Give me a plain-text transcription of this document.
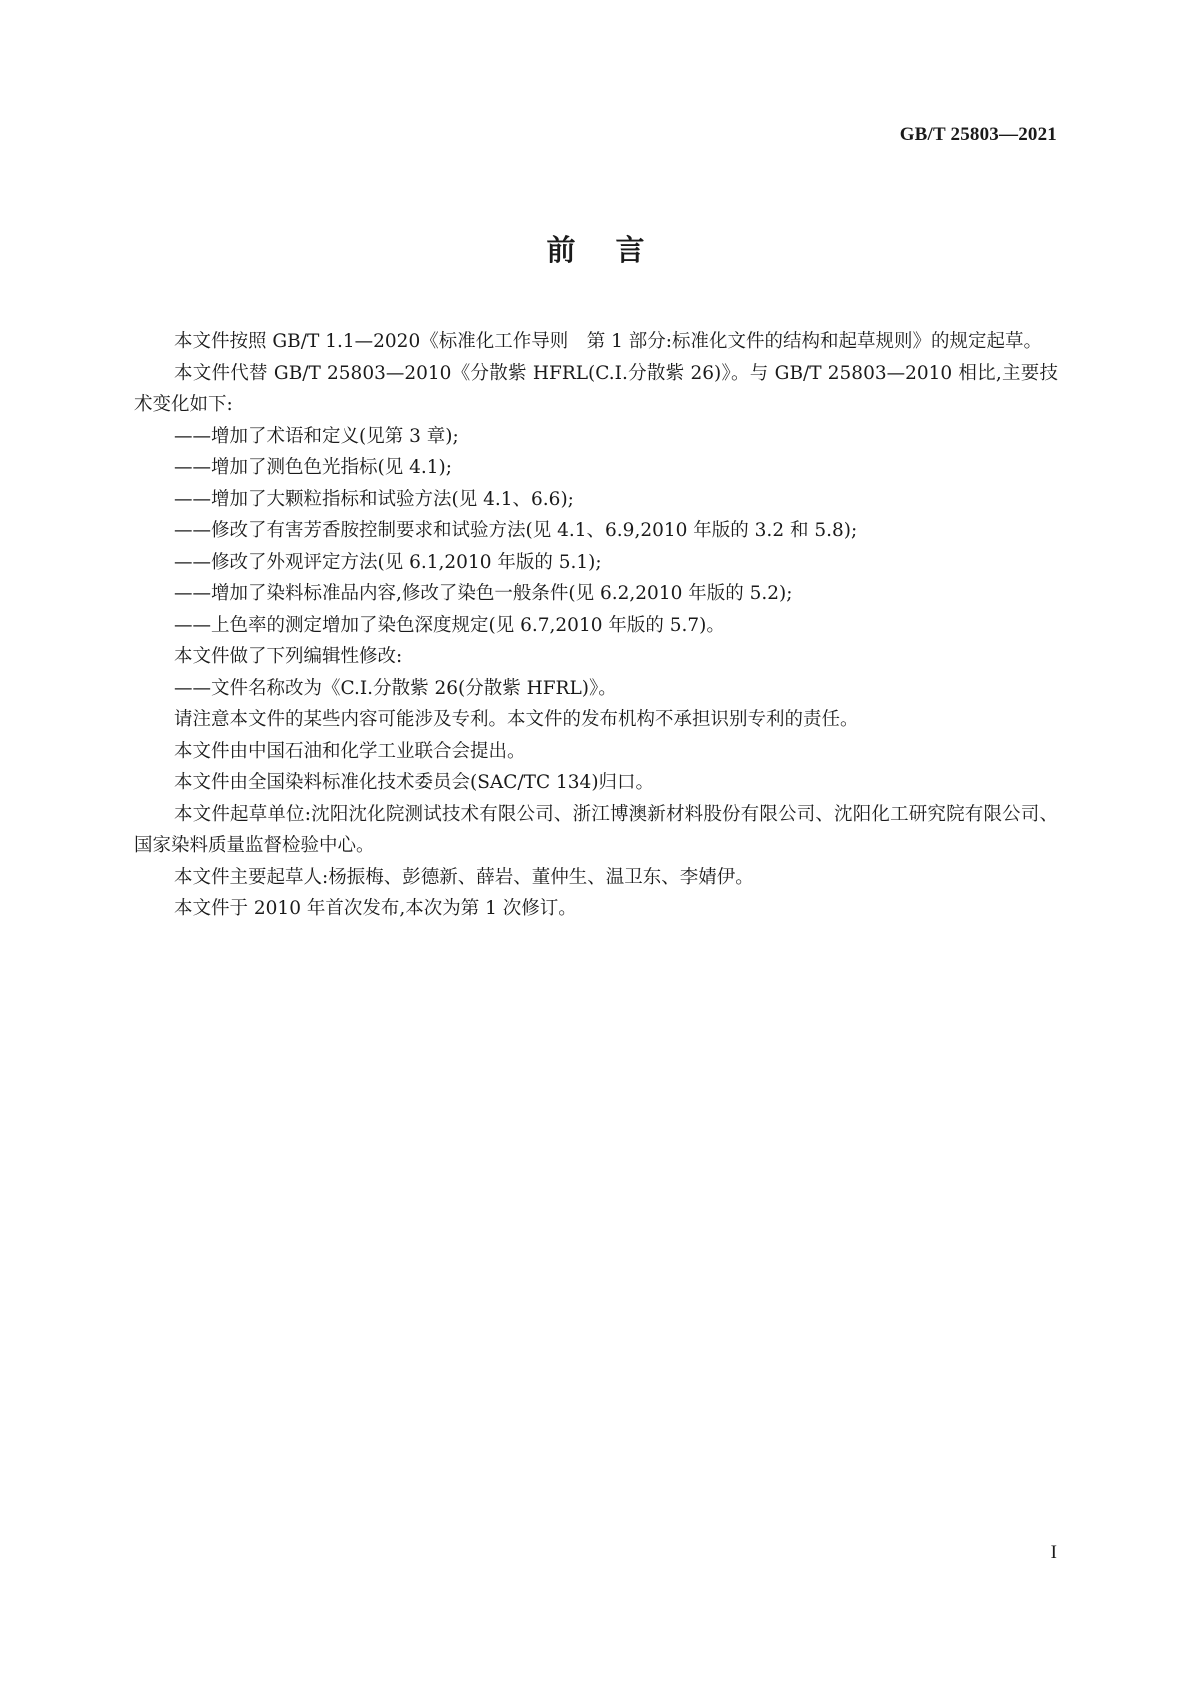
GB/T 25803—2021
前言

本文件按照 GB/T 1.1—2020《标准化工作导则　第 1 部分:标准化文件的结构和起草规则》的规定起草。

本文件代替 GB/T 25803—2010《分散紫 HFRL(C.I.分散紫 26)》。与 GB/T 25803—2010 相比,主要技术变化如下:

——增加了术语和定义(见第 3 章);

——增加了测色色光指标(见 4.1);

——增加了大颗粒指标和试验方法(见 4.1、6.6);

——修改了有害芳香胺控制要求和试验方法(见 4.1、6.9,2010 年版的 3.2 和 5.8);

——修改了外观评定方法(见 6.1,2010 年版的 5.1);

——增加了染料标准品内容,修改了染色一般条件(见 6.2,2010 年版的 5.2);

——上色率的测定增加了染色深度规定(见 6.7,2010 年版的 5.7)。

本文件做了下列编辑性修改:

——文件名称改为《C.I.分散紫 26(分散紫 HFRL)》。

请注意本文件的某些内容可能涉及专利。本文件的发布机构不承担识别专利的责任。

本文件由中国石油和化学工业联合会提出。

本文件由全国染料标准化技术委员会(SAC/TC 134)归口。

本文件起草单位:沈阳沈化院测试技术有限公司、浙江博澳新材料股份有限公司、沈阳化工研究院有限公司、国家染料质量监督检验中心。

本文件主要起草人:杨振梅、彭德新、薛岩、董仲生、温卫东、李婧伊。

本文件于 2010 年首次发布,本次为第 1 次修订。

I
